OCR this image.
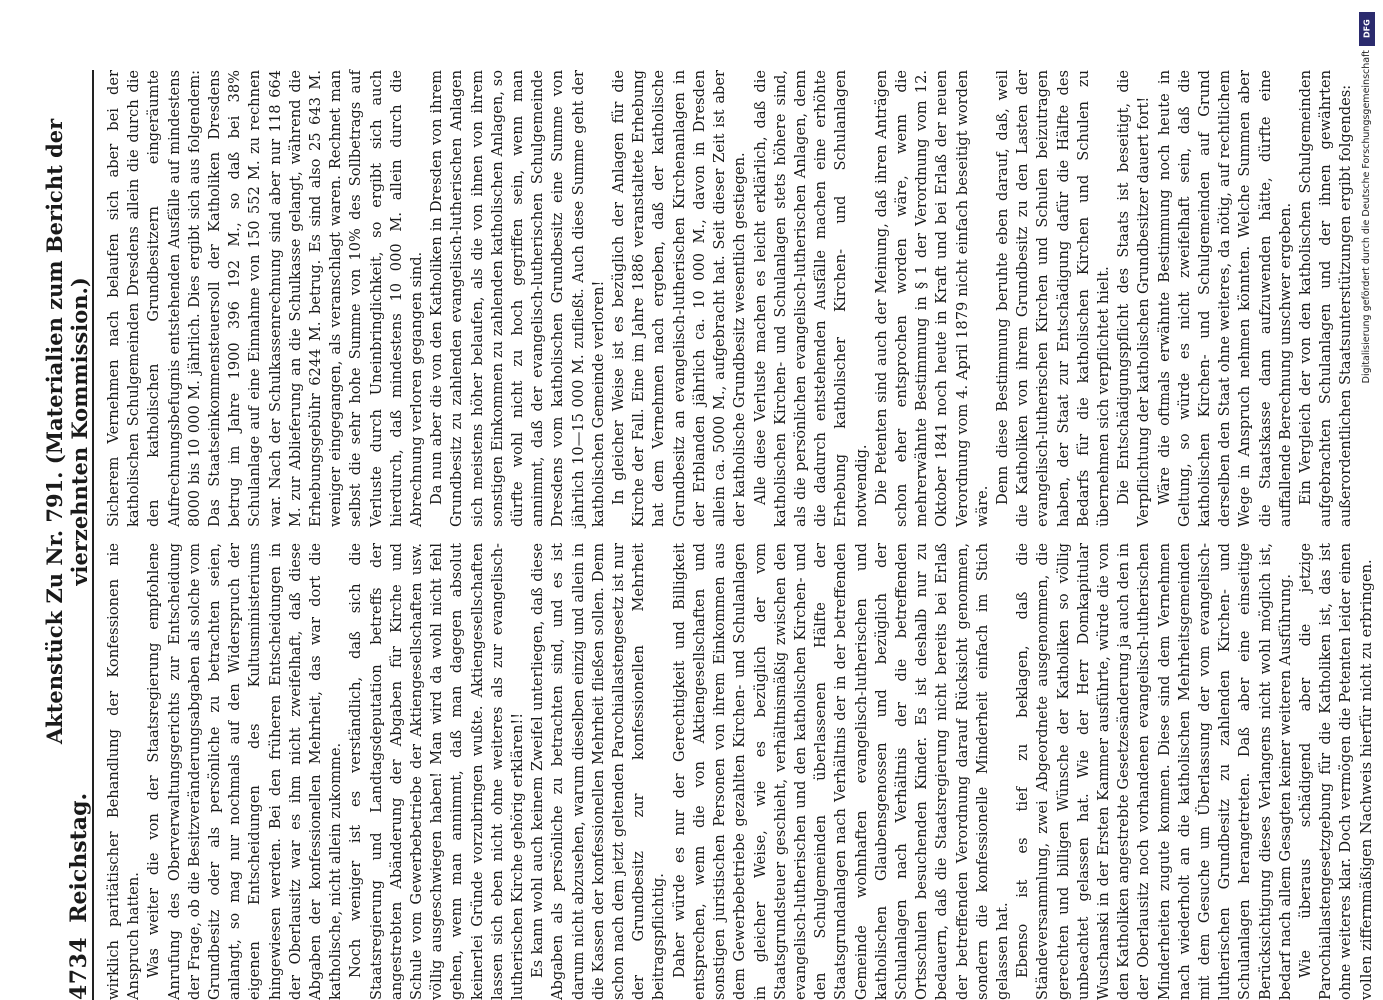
4734
Reichstag.
Aktenstück Zu Nr. 791. (Materialien zum Bericht der vierzehnten Kommission.)

wirklich paritätischer Behandlung der Konfessionen nie Anspruch hatten. Was weiter die von der Staatsregierung empfohlene Anrufung des Oberverwaltungsgerichts zur Entscheidung der Frage, ob die Besitzveränderungsabgaben als solche vom Grundbesitz oder als persönliche zu betrachten seien, anlangt, so mag nur nochmals auf den Widerspruch der eigenen Entscheidungen des Kultusministeriums hingewiesen werden. Bei den früheren Entscheidungen in der Oberlausitz war es ihm nicht zweifelhaft, daß diese Abgaben der konfessionellen Mehrheit, das war dort die katholische, nicht allein zukomme. Noch weniger ist es verständlich, daß sich die Staatsregierung und Landtagsdeputation betreffs der angestrebten Abänderung der Abgaben für Kirche und Schule vom Gewerbebetriebe der Aktiengesellschaften usw. völlig ausgeschwiegen haben! Man wird da wohl nicht fehl gehen, wenn man annimmt, daß man dagegen absolut keinerlei Gründe vorzubringen wußte. Aktiengesellschaften lassen sich eben nicht ohne weiteres als zur evangelisch-lutherischen Kirche gehörig erklären!! Es kann wohl auch keinem Zweifel unterliegen, daß diese Abgaben als persönliche zu betrachten sind, und es ist darum nicht abzusehen, warum dieselben einzig und allein in die Kassen der konfessionellen Mehrheit fließen sollen. Denn schon nach dem jetzt geltenden Parochiallastengesetz ist nur der Grundbesitz zur konfessionellen Mehrheit beitragspflichtig. Daher würde es nur der Gerechtigkeit und Billigkeit entsprechen, wenn die von Aktiengesellschaften und sonstigen juristischen Personen von ihrem Einkommen aus dem Gewerbebetriebe gezahlten Kirchen- und Schulanlagen in gleicher Weise, wie es bezüglich der vom Staatsgrundsteuer geschieht, verhältnismäßig zwischen den evangelisch-lutherischen und den katholischen Kirchen- und den Schulgemeinden überlassenen Hälfte der Staatsgrundanlagen nach Verhältnis der in der betreffenden Gemeinde wohnhaften evangelisch-lutherischen und katholischen Glaubensgenossen und bezüglich der Schulanlagen nach Verhältnis der die betreffenden Ortsschulen besuchenden Kinder. Es ist deshalb nur zu bedauern, daß die Staatsregierung nicht bereits bei Erlaß der betreffenden Verordnung darauf Rücksicht genommen, sondern die konfessionelle Minderheit einfach im Stich gelassen hat. Ebenso ist es tief zu beklagen, daß die Ständeversammlung, zwei Abgeordnete ausgenommen, die gerechten und billigen Wünsche der Katholiken so völlig unbeachtet gelassen hat. Wie der Herr Domkapitular Wuschanski in der Ersten Kammer ausführte, würde die von den Katholiken angestrebte Gesetzesänderung ja auch den in der Oberlausitz noch vorhandenen evangelisch-lutherischen Minderheiten zugute kommen. Diese sind dem Vernehmen nach wiederholt an die katholischen Mehrheitsgemeinden mit dem Gesuche um Überlassung der vom evangelisch-lutherischen Grundbesitz zu zahlenden Kirchen- und Schulanlagen herangetreten. Daß aber eine einseitige Berücksichtigung dieses Verlangens nicht wohl möglich ist, bedarf nach allem Gesagten keiner weiteren Ausführung. Wie überaus schädigend aber die jetzige Parochiallastengesetzgebung für die Katholiken ist, das ist ohne weiteres klar. Doch vermögen die Petenten leider einen vollen ziffernmäßigen Nachweis hierfür nicht zu erbringen.

Sicherem Vernehmen nach belaufen sich aber bei der katholischen Schulgemeinden Dresdens allein die durch die den katholischen Grundbesitzern eingeräumte Aufrechnungsbefugnis entstehenden Ausfälle auf mindestens 8000 bis 10 000 M. jährlich. Dies ergibt sich aus folgendem: Das Staatseinkommensteuersoll der Katholiken Dresdens betrug im Jahre 1900 396 192 M., so daß bei 38% Schulanlage auf eine Einnahme von 150 552 M. zu rechnen war. Nach der Schulkassenrechnung sind aber nur 118 664 M. zur Ablieferung an die Schulkasse gelangt, während die Erhebungsgebühr 6244 M. betrug. Es sind also 25 643 M. weniger eingegangen, als veranschlagt waren. Rechnet man selbst die sehr hohe Summe von 10% des Sollbetrags auf Verluste durch Uneinbringlichkeit, so ergibt sich auch hierdurch, daß mindestens 10 000 M. allein durch die Abrechnung verloren gegangen sind. Da nun aber die von den Katholiken in Dresden von ihrem Grundbesitz zu zahlenden evangelisch-lutherischen Anlagen sich meistens höher belaufen, als die von ihnen von ihrem sonstigen Einkommen zu zahlenden katholischen Anlagen, so dürfte wohl nicht zu hoch gegriffen sein, wenn man annimmt, daß der evangelisch-lutherischen Schulgemeinde Dresdens vom katholischen Grundbesitz eine Summe von jährlich 10—15 000 M. zufließt. Auch diese Summe geht der katholischen Gemeinde verloren! In gleicher Weise ist es bezüglich der Anlagen für die Kirche der Fall. Eine im Jahre 1886 veranstaltete Erhebung hat dem Vernehmen nach ergeben, daß der katholische Grundbesitz an evangelisch-lutherischen Kirchenanlagen in der Erblanden jährlich ca. 10 000 M., davon in Dresden allein ca. 5000 M., aufgebracht hat. Seit dieser Zeit ist aber der katholische Grundbesitz wesentlich gestiegen. Alle diese Verluste machen es leicht erklärlich, daß die katholischen Kirchen- und Schulanlagen stets höhere sind, als die persönlichen evangelisch-lutherischen Anlagen, denn die dadurch entstehenden Ausfälle machen eine erhöhte Erhebung katholischer Kirchen- und Schulanlagen notwendig. Die Petenten sind auch der Meinung, daß ihren Anträgen schon eher entsprochen worden wäre, wenn die mehrerwähnte Bestimmung in § 1 der Verordnung vom 12. Oktober 1841 noch heute in Kraft und bei Erlaß der neuen Verordnung vom 4. April 1879 nicht einfach beseitigt worden wäre.

Denn diese Bestimmung beruhte eben darauf, daß, weil die Katholiken von ihrem Grundbesitz zu den Lasten der evangelisch-lutherischen Kirchen und Schulen beizutragen haben, der Staat zur Entschädigung dafür die Hälfte des Bedarfs für die katholischen Kirchen und Schulen zu übernehmen sich verpflichtet hielt. Die Entschädigungspflicht des Staats ist beseitigt, die Verpflichtung der katholischen Grundbesitzer dauert fort! Wäre die oftmals erwähnte Bestimmung noch heute in Geltung, so würde es nicht zweifelhaft sein, daß die katholischen Kirchen- und Schulgemeinden auf Grund derselben den Staat ohne weiteres, da nötig, auf rechtlichem Wege in Anspruch nehmen könnten. Welche Summen aber die Staatskasse dann aufzuwenden hätte, dürfte eine auffallende Berechnung unschwer ergeben. Ein Vergleich der von den katholischen Schulgemeinden aufgebrachten Schulanlagen und der ihnen gewährten außerordentlichen Staatsunterstützungen ergibt folgendes:

DFG
Digitalisierung gefördert durch die Deutsche Forschungsgemeinschaft
